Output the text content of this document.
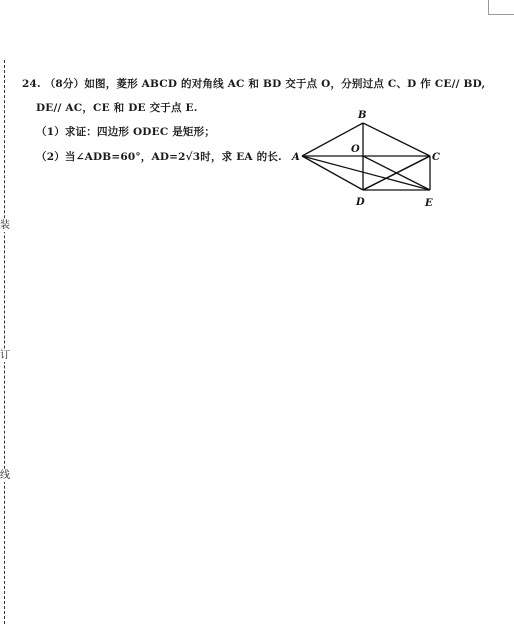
装
订
线
24. （8分）如图，菱形 ABCD 的对角线 AC 和 BD 交于点 O，分别过点 C、D 作 CE// BD,
DE// AC，CE 和 DE 交于点 E.
（1）求证：四边形 ODEC 是矩形；
（2）当∠ADB=60°，AD=2√3时，求 EA 的长. A
B
C
D
O
E
